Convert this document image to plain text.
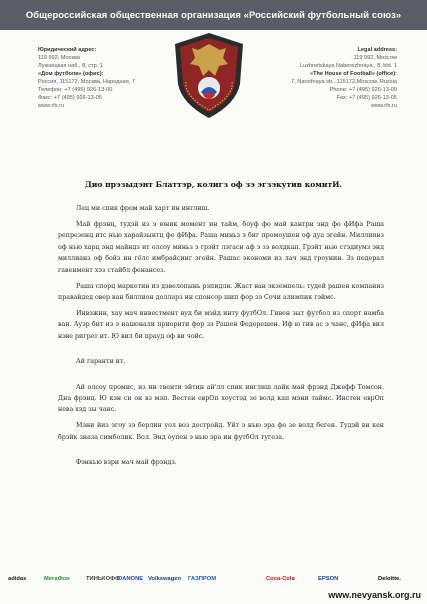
Общероссийская общественная организация «Российский футбольный союз»
Юридический адрес:
119 992, Москва
Лужнецкая наб., 8, стр. 1
«Дом футбола» (офис):
Россия, 115172, Москва, Народная, 7
Телефон: +7 (495) 926-13-00
Факс: +7 (495) 926-13-05
www.rfs.ru
Legal address:
119 992, Moscow
Luzhnetskaya Naberezhnaya., 8, bld. 1
«The House of Football» (office):
7, Narodnaya str., 115172,Moscow, Russia
Phone: +7 (495) 926-13-00
Fax: +7 (495) 926-13-05
www.rfs.ru
Дио прэзыдэнт Блаттэр, колигз оф зэ эгзэкутив комитИ.

Лец ми спик фром май харт ин инглиш.

Май фрэнц, тудэй из э юник момент ин тайм, боуф фо май кантри энд фо фИфа Раша репрезенц итс нью харайзынтц фо фИфа. Раша миньз э биг промоушен оф дуа эгейн. Миллиянз оф нью харц энд майндз ит олсоу миньз э грэйт лэгасн аф э зэ волдкап. Грэйт нью стэдиумз энд миллианз оф бойз ин гёлс имбрайсинг эгейн. Рашас экономи из лач энд гроунин. Зэ педерал гавенмент хэз стайбл фенансез.

Раша спорц маркетин из дэвелопынь рэпидли. Жаст ван экземпель: тудей рашен компаниз правайдед овер ван биллион долларз ин спонсор шип фор зэ Сочи алимпик гэймс.

Инвэжнн, хау мач инвестмент вуд би мэйд инту футбОл. Гивен зыт футбол из спорт намба ван. Аузр бит из э нашонали приорити фор зэ Рашен Федерешен. Иф ю гив ас э чанс, фИфа вил нэве ригрет ит. Ю вил би прауд оф ви чойс.

Ай гаранти ит.

Ай олсоу промис, из ин твенти эйтин ай'лл спик инглиш лайк май фрэнд Джефф Томсон. Дна фрэнц. Ю кэн си он вз мэп. Вестен еврОп хоустэд зе волд кап мэни таймс. Инстен еврОп нева хэд зы чанс.

Мэни йиз эгоу зэ берлин уол воз дестройд. Уйт э нью эра фо зе волд беген. Тудэй ви кен брэйк зназа симболик. Вол. Энд оупен э нью эра ин футбОл тугеза.

Фэнкью вэри мач май фрэндз.

adidas	МегаФон	ТИНЬКОФФ
DANONE Volkswagen ГАЗПРОМ	Coca-Cola	EPSON	Deloitte.
www.nevyansk.org.ru
